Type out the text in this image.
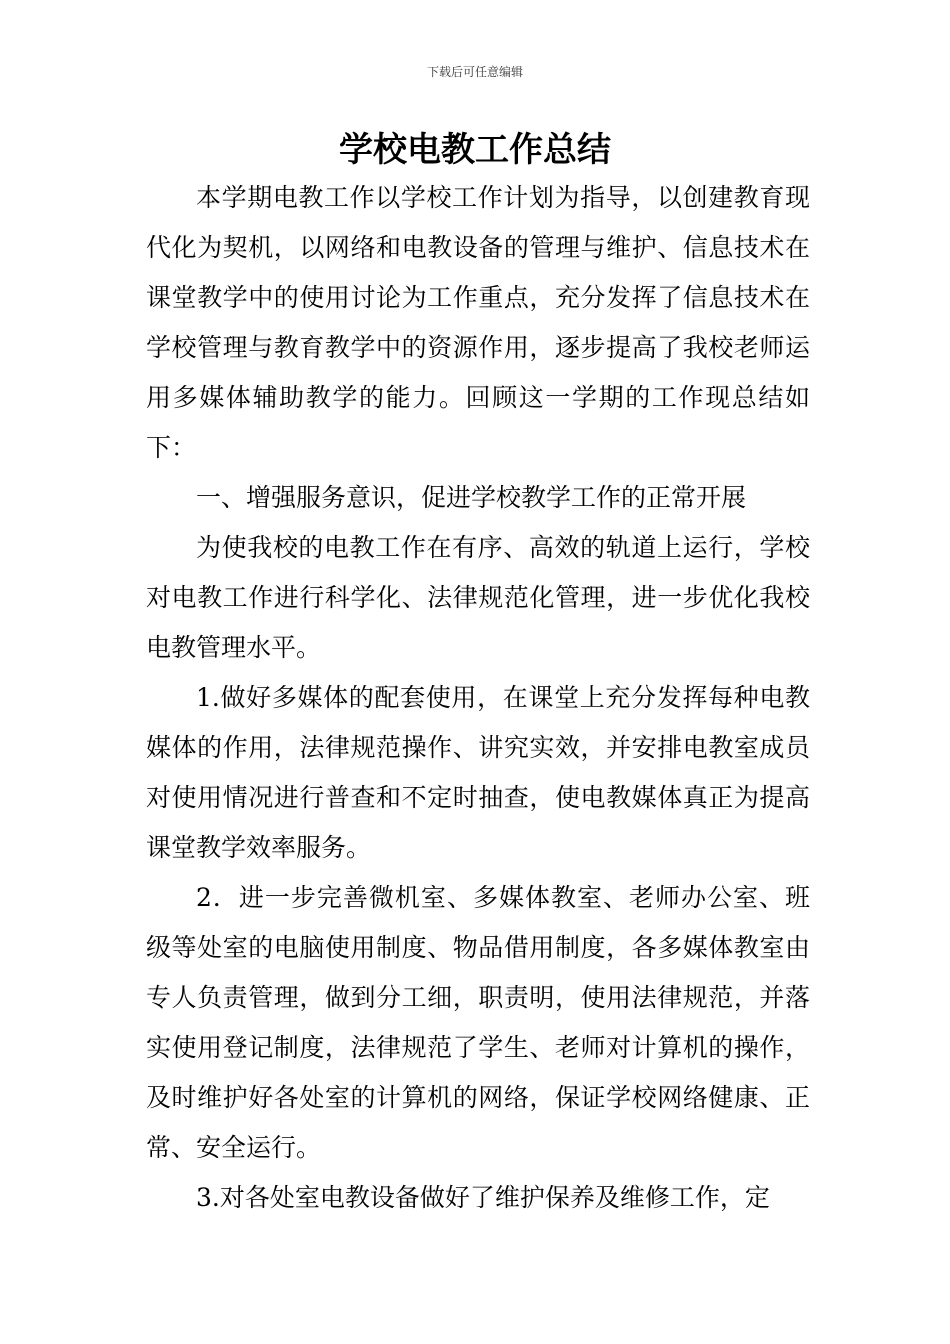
下载后可任意编辑
学校电教工作总结

本学期电教工作以学校工作计划为指导，以创建教育现代化为契机，以网络和电教设备的管理与维护、信息技术在课堂教学中的使用讨论为工作重点，充分发挥了信息技术在学校管理与教育教学中的资源作用，逐步提高了我校老师运用多媒体辅助教学的能力。回顾这一学期的工作现总结如下：

一、增强服务意识，促进学校教学工作的正常开展

为使我校的电教工作在有序、高效的轨道上运行，学校对电教工作进行科学化、法律规范化管理，进一步优化我校电教管理水平。

1.做好多媒体的配套使用，在课堂上充分发挥每种电教媒体的作用，法律规范操作、讲究实效，并安排电教室成员对使用情况进行普查和不定时抽查，使电教媒体真正为提高课堂教学效率服务。

2．进一步完善微机室、多媒体教室、老师办公室、班级等处室的电脑使用制度、物品借用制度，各多媒体教室由专人负责管理，做到分工细，职责明，使用法律规范，并落实使用登记制度，法律规范了学生、老师对计算机的操作，及时维护好各处室的计算机的网络，保证学校网络健康、正常、安全运行。

3.对各处室电教设备做好了维护保养及维修工作，定
